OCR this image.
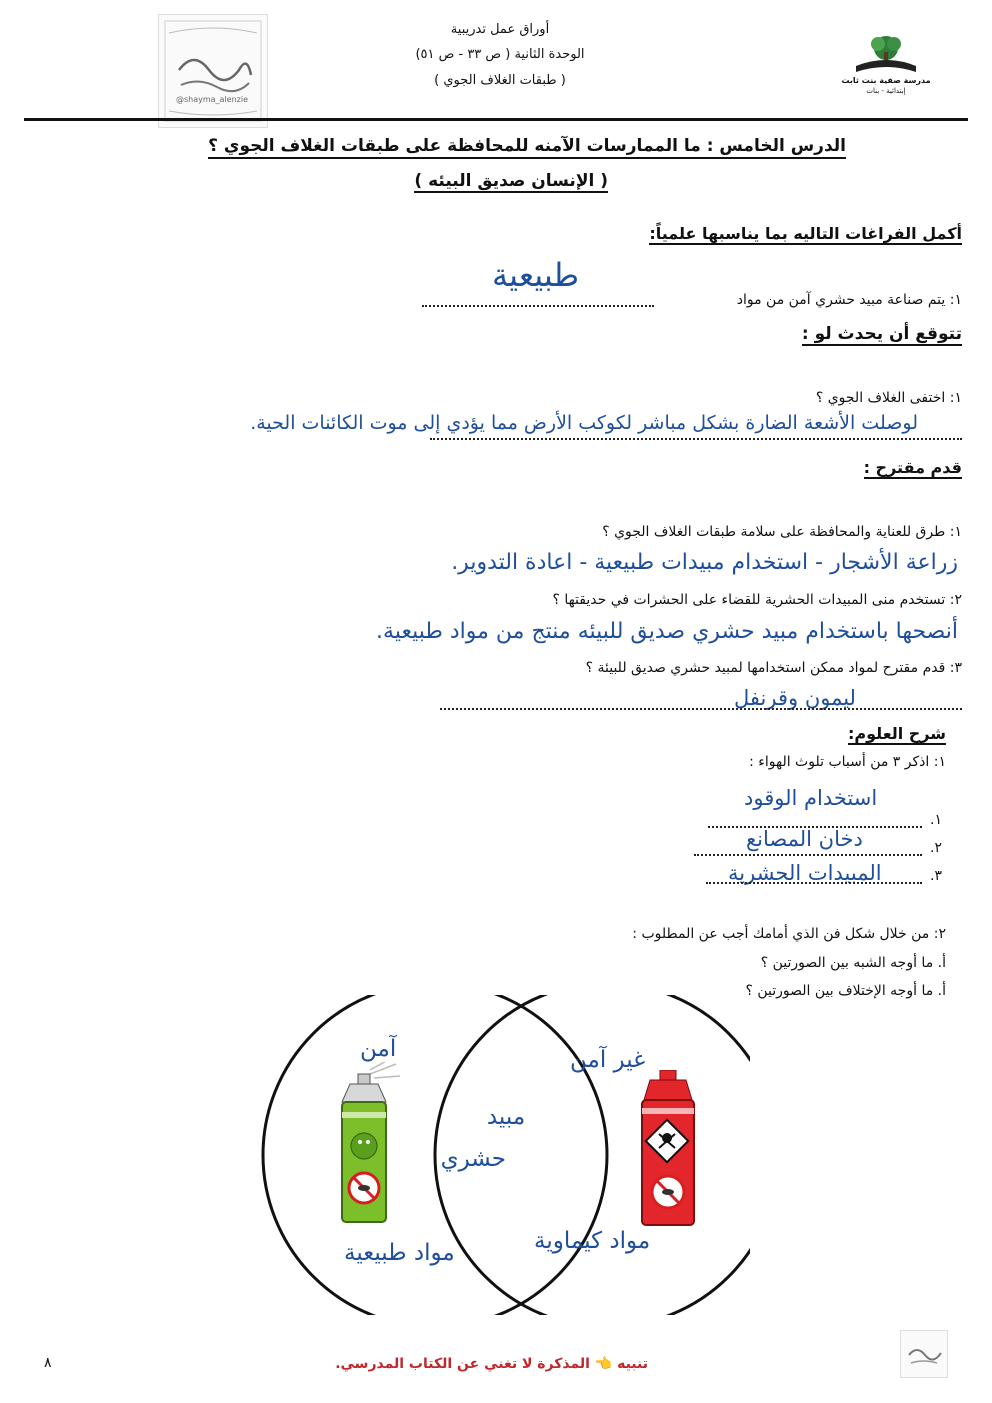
@shayma_alenzie
أوراق عمل تدريبية
الوحدة الثانية ( ص ٣٣ - ص ٥١)
( طبقات الغلاف الجوي )	مدرسة صفية بنت ثابت
إبتدائية - بنات
الدرس الخامس : ما الممارسات الآمنه للمحافظة على طبقات الغلاف الجوي ؟
( الإنسان صديق البيئه )
أكمل الفراغات التاليه بما يناسبها علمياً:
طبيعية
١: يتم صناعة مبيد حشري آمن من مواد
تتوقع أن يحدث لو :
١: اختفى الغلاف الجوي ؟
لوصلت الأشعة الضارة بشكل مباشر لكوكب الأرض مما يؤدي إلى موت الكائنات الحية.
قدم مقترح :
١: طرق للعناية والمحافظة على سلامة طبقات الغلاف الجوي ؟
زراعة الأشجار - استخدام مبيدات طبيعية - اعادة التدوير.
٢: تستخدم منى المبيدات الحشرية للقضاء على الحشرات في حديقتها ؟
أنصحها باستخدام مبيد حشري صديق للبيئه منتج من مواد طبيعية.
٣: قدم مقترح لمواد ممكن استخدامها لمبيد حشري صديق للبيئة ؟
ليمون وقرنفل
شرح العلوم:
١: اذكر ٣ من أسباب تلوث الهواء :
استخدام الوقود
١.
دخان المصانع	٢.
المبيدات الحشرية	٣.
٢: من خلال شكل فن الذي أمامك أجب عن المطلوب :
أ. ما أوجه الشبه بين الصورتين ؟
أ. ما أوجه الإختلاف بين الصورتين ؟
آمن	غير آمن
مبيد
حشري
مواد طبيعية	مواد كيماوية
٨	تنبيه 👈 المذكرة لا تغني عن الكتاب المدرسي.
